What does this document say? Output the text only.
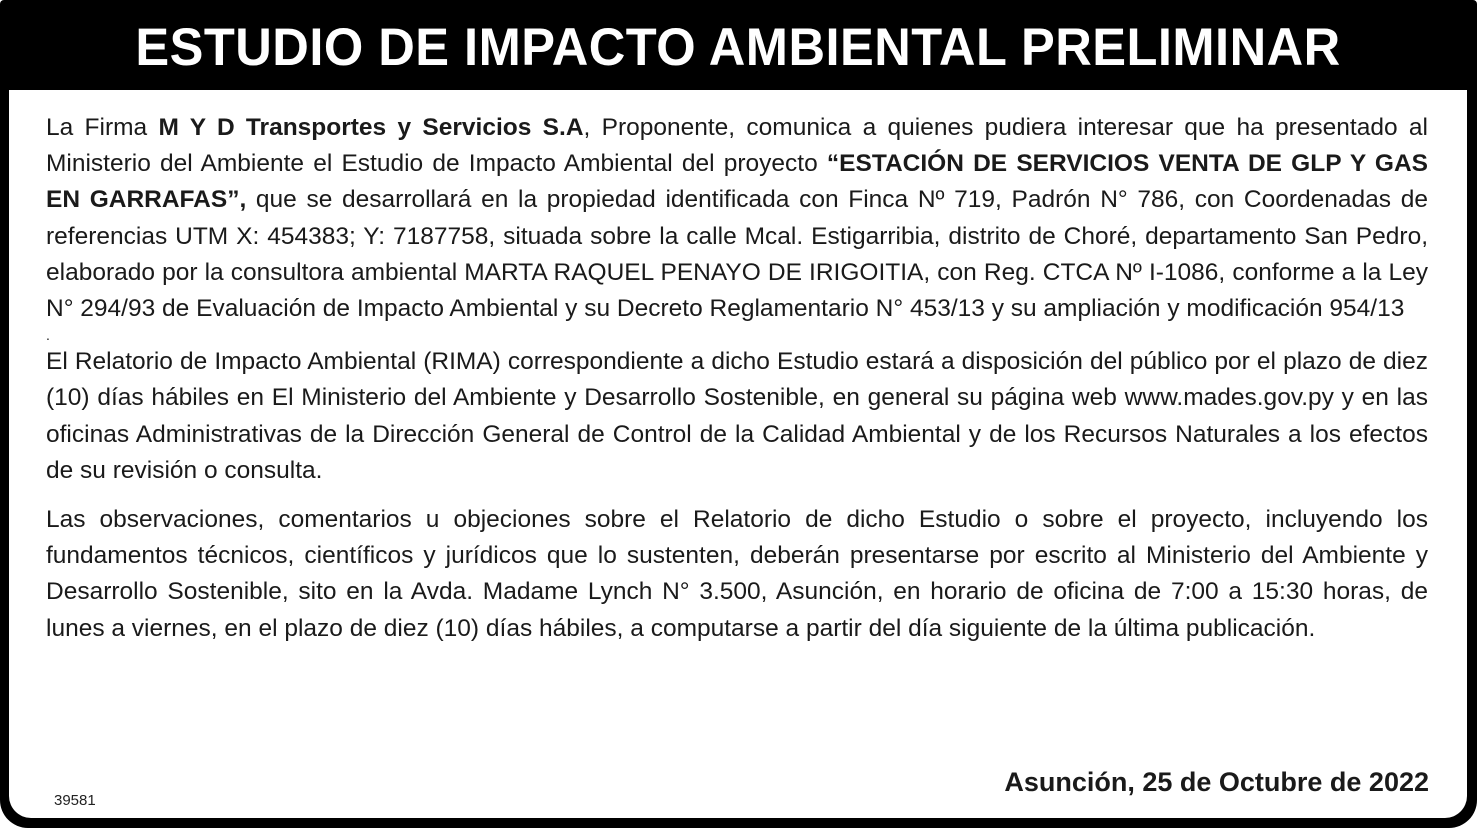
ESTUDIO DE IMPACTO AMBIENTAL PRELIMINAR

La Firma M Y D Transportes y Servicios S.A, Proponente, comunica a quienes pudiera interesar que ha presentado al Ministerio del Ambiente el Estudio de Impacto Ambiental del proyecto “ESTACIÓN DE SERVICIOS VENTA DE GLP Y GAS EN GARRAFAS”, que se desarrollará en la propiedad identificada con Finca Nº 719, Padrón N° 786, con Coordenadas de referencias UTM X: 454383; Y: 7187758, situada sobre la calle Mcal. Estigarribia, distrito de Choré, departamento San Pedro, elaborado por la consultora ambiental MARTA RAQUEL PENAYO DE IRIGOITIA, con Reg. CTCA Nº I-1086, conforme a la Ley N° 294/93 de Evaluación de Impacto Ambiental y su Decreto Reglamentario N° 453/13 y su ampliación y modificación 954/13

.

El Relatorio de Impacto Ambiental (RIMA) correspondiente a dicho Estudio estará a disposición del público por el plazo de diez (10) días hábiles en El Ministerio del Ambiente y Desarrollo Sostenible, en general su página web www.mades.gov.py y en las oficinas Administrativas de la Dirección General de Control de la Calidad Ambiental y de los Recursos Naturales a los efectos de su revisión o consulta.

Las observaciones, comentarios u objeciones sobre el Relatorio de dicho Estudio o sobre el proyecto, incluyendo los fundamentos técnicos, científicos y jurídicos que lo sustenten, deberán presentarse por escrito al Ministerio del Ambiente y Desarrollo Sostenible, sito en la Avda. Madame Lynch N° 3.500, Asunción, en horario de oficina de 7:00 a 15:30 horas, de lunes a viernes, en el plazo de diez (10) días hábiles, a computarse a partir del día siguiente de la última publicación.

Asunción, 25 de Octubre de 2022
39581
